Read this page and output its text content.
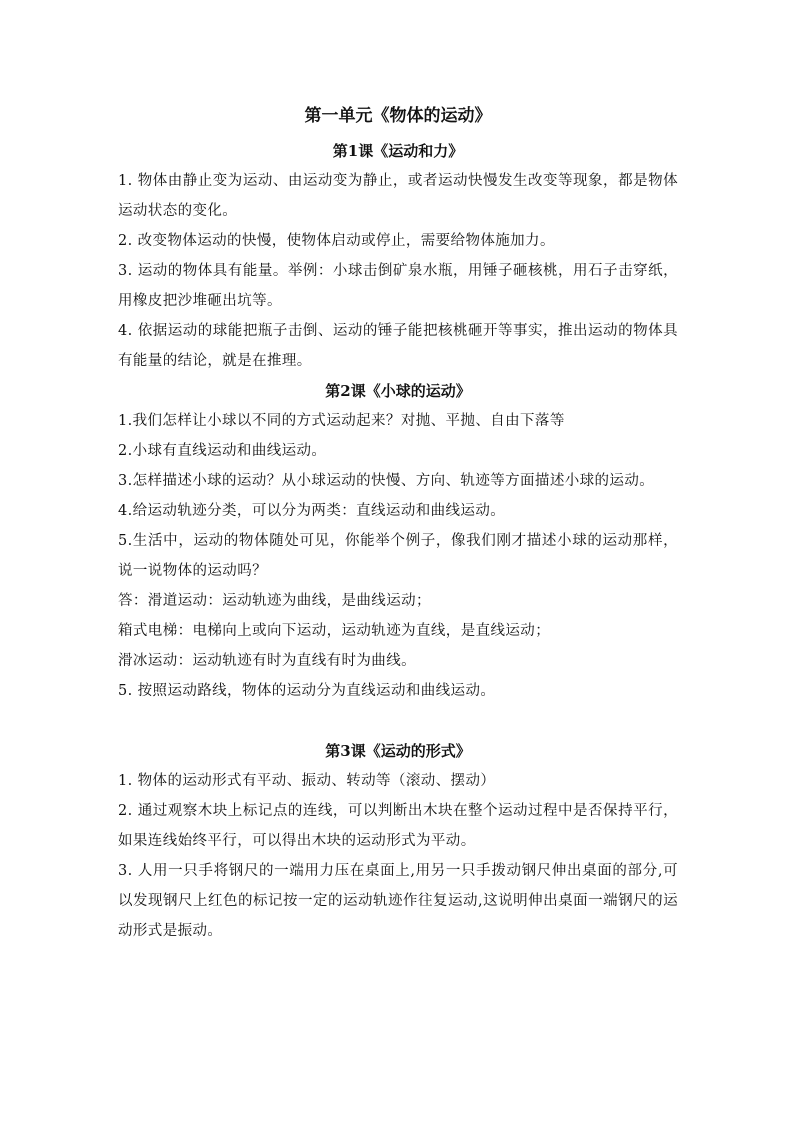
第一单元《物体的运动》
第1课《运动和力》

1. 物体由静止变为运动、由运动变为静止，或者运动快慢发生改变等现象，都是物体运动状态的变化。

2. 改变物体运动的快慢，使物体启动或停止，需要给物体施加力。

3. 运动的物体具有能量。举例：小球击倒矿泉水瓶，用锤子砸核桃，用石子击穿纸，用橡皮把沙堆砸出坑等。

4. 依据运动的球能把瓶子击倒、运动的锤子能把核桃砸开等事实，推出运动的物体具有能量的结论，就是在推理。

第2课《小球的运动》

1.我们怎样让小球以不同的方式运动起来？对抛、平抛、自由下落等

2.小球有直线运动和曲线运动。

3.怎样描述小球的运动？从小球运动的快慢、方向、轨迹等方面描述小球的运动。

4.给运动轨迹分类，可以分为两类：直线运动和曲线运动。

5.生活中，运动的物体随处可见，你能举个例子，像我们刚才描述小球的运动那样，说一说物体的运动吗？

答：滑道运动：运动轨迹为曲线，是曲线运动；

箱式电梯：电梯向上或向下运动，运动轨迹为直线，是直线运动；

滑冰运动：运动轨迹有时为直线有时为曲线。

5. 按照运动路线，物体的运动分为直线运动和曲线运动。

第3课《运动的形式》

1. 物体的运动形式有平动、振动、转动等（滚动、摆动）

2. 通过观察木块上标记点的连线，可以判断出木块在整个运动过程中是否保持平行，如果连线始终平行，可以得出木块的运动形式为平动。

3. 人用一只手将钢尺的一端用力压在桌面上,用另一只手拨动钢尺伸出桌面的部分,可以发现钢尺上红色的标记按一定的运动轨迹作往复运动,这说明伸出桌面一端钢尺的运动形式是振动。
